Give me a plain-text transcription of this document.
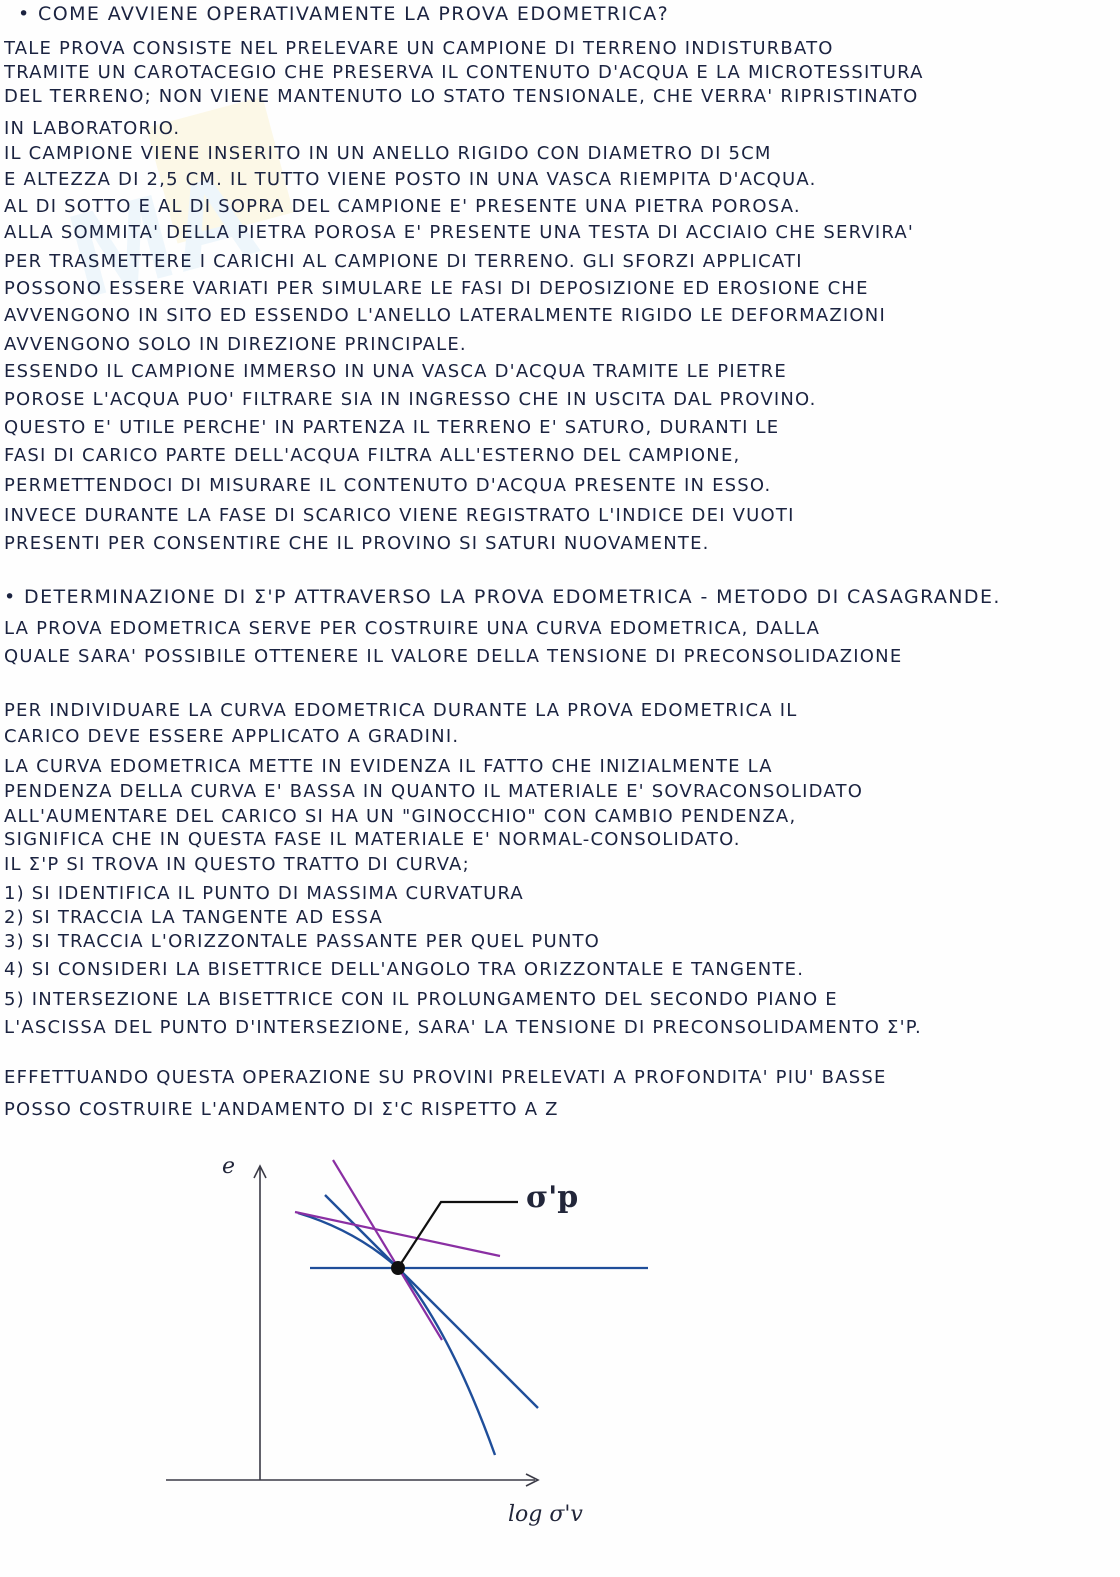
MA
• COME AVVIENE OPERATIVAMENTE LA PROVA EDOMETRICA?
TALE PROVA CONSISTE NEL PRELEVARE UN CAMPIONE DI TERRENO INDISTURBATO
TRAMITE UN CAROTACEGIO CHE PRESERVA IL CONTENUTO D'ACQUA E LA MICROTESSITURA
DEL TERRENO; NON VIENE MANTENUTO LO STATO TENSIONALE, CHE VERRA' RIPRISTINATO
IN LABORATORIO.
IL CAMPIONE VIENE INSERITO IN UN ANELLO RIGIDO CON DIAMETRO DI 5CM
E ALTEZZA DI 2,5 CM. IL TUTTO VIENE POSTO IN UNA VASCA RIEMPITA D'ACQUA.
AL DI SOTTO E AL DI SOPRA DEL CAMPIONE E' PRESENTE UNA PIETRA POROSA.
ALLA SOMMITA' DELLA PIETRA POROSA E' PRESENTE UNA TESTA DI ACCIAIO CHE SERVIRA'
PER TRASMETTERE I CARICHI AL CAMPIONE DI TERRENO. GLI SFORZI APPLICATI
POSSONO ESSERE VARIATI PER SIMULARE LE FASI DI DEPOSIZIONE ED EROSIONE CHE
AVVENGONO IN SITO ED ESSENDO L'ANELLO LATERALMENTE RIGIDO LE DEFORMAZIONI
AVVENGONO SOLO IN DIREZIONE PRINCIPALE.
ESSENDO IL CAMPIONE IMMERSO IN UNA VASCA D'ACQUA TRAMITE LE PIETRE
POROSE L'ACQUA PUO' FILTRARE SIA IN INGRESSO CHE IN USCITA DAL PROVINO.
QUESTO E' UTILE PERCHE' IN PARTENZA IL TERRENO E' SATURO, DURANTI LE
FASI DI CARICO PARTE DELL'ACQUA FILTRA ALL'ESTERNO DEL CAMPIONE,
PERMETTENDOCI DI MISURARE IL CONTENUTO D'ACQUA PRESENTE IN ESSO.
INVECE DURANTE LA FASE DI SCARICO VIENE REGISTRATO L'INDICE DEI VUOTI
PRESENTI PER CONSENTIRE CHE IL PROVINO SI SATURI NUOVAMENTE.
• DETERMINAZIONE DI Σ'P ATTRAVERSO LA PROVA EDOMETRICA - METODO DI CASAGRANDE.
LA PROVA EDOMETRICA SERVE PER COSTRUIRE UNA CURVA EDOMETRICA, DALLA
QUALE SARA' POSSIBILE OTTENERE IL VALORE DELLA TENSIONE DI PRECONSOLIDAZIONE
PER INDIVIDUARE LA CURVA EDOMETRICA DURANTE LA PROVA EDOMETRICA IL
CARICO DEVE ESSERE APPLICATO A GRADINI.
LA CURVA EDOMETRICA METTE IN EVIDENZA IL FATTO CHE INIZIALMENTE LA
PENDENZA DELLA CURVA E' BASSA IN QUANTO IL MATERIALE E' SOVRACONSOLIDATO
ALL'AUMENTARE DEL CARICO SI HA UN "GINOCCHIO" CON CAMBIO PENDENZA,
SIGNIFICA CHE IN QUESTA FASE IL MATERIALE E' NORMAL-CONSOLIDATO.
IL Σ'P SI TROVA IN QUESTO TRATTO DI CURVA;
1) SI IDENTIFICA IL PUNTO DI MASSIMA CURVATURA
2) SI TRACCIA LA TANGENTE AD ESSA
3) SI TRACCIA L'ORIZZONTALE PASSANTE PER QUEL PUNTO
4) SI CONSIDERI LA BISETTRICE DELL'ANGOLO TRA ORIZZONTALE E TANGENTE.
5) INTERSEZIONE LA BISETTRICE CON IL PROLUNGAMENTO DEL SECONDO PIANO E
L'ASCISSA DEL PUNTO D'INTERSEZIONE, SARA' LA TENSIONE DI PRECONSOLIDAMENTO Σ'P.
EFFETTUANDO QUESTA OPERAZIONE SU PROVINI PRELEVATI A PROFONDITA' PIU' BASSE
POSSO COSTRUIRE L'ANDAMENTO DI Σ'C RISPETTO A Z
e
log σ'v
σ'p
